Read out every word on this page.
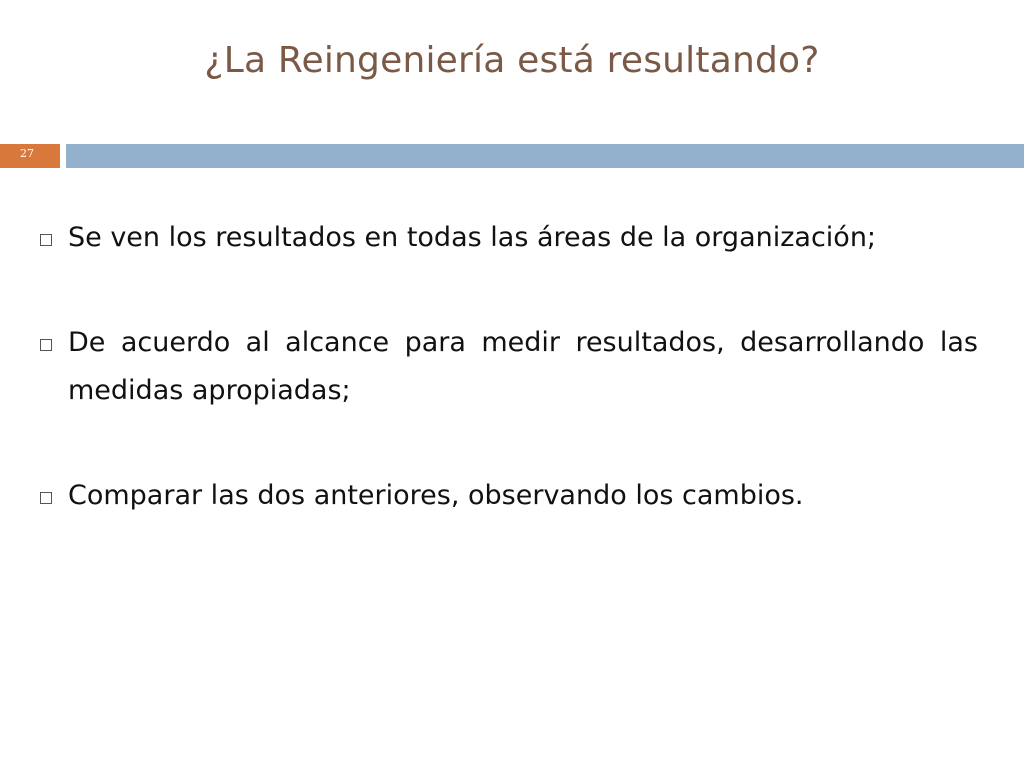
¿La Reingeniería está resultando?
27

Se ven los resultados en todas las áreas de la organización;

De acuerdo al alcance para medir resultados, desarrollando las medidas apropiadas;

Comparar las dos anteriores, observando los cambios.
